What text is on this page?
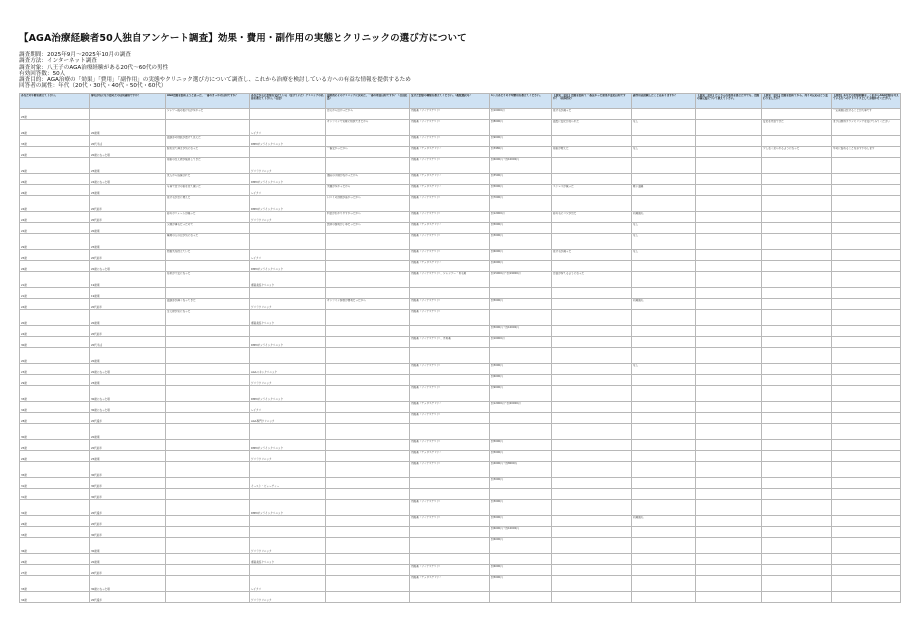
【AGA治療経験者50人独自アンケート調査】効果・費用・副作用の実態とクリニックの選び方について
調査期間：2025年9月～2025年10月の調査
調査方法：インターネット調査
調査対象：八王子のAGA治療経験がある20代〜60代の男性
有効回答数：50人
調査目的：AGA治療の「効果」「費用」「副作用」の実態やクリニック選び方について調査し、これから治療を検討している方への有益な情報を提供するため
回答者の属性：年代（20代・30代・40代・50代・60代）
あなたの年齢を教えて下さい。	薄毛が気になり始めたのは何歳頃ですか？	AGA治療を始めようと思った、一番のきっかけは何ですか？	あなたが主に治療を受けている（受けていた）クリニックの名前を教えて下さい。（任意）	最終的にそのクリニックに決めた、一番の理由は何ですか？（自由記述）	受けた治療の種類を教えてください。（複数選択可）	1ヶ月あたりの平均費用を教えてください。	【効果・変化】治療を始めて一番良かった効果や変化は何ですか？（具体的に）	副作用は経験したことはありますか？	【効果・変化】たくさんの効果を感じた中でも、治療の満足度について教えて下さい。	【効果・変化】治療を始めてから、周りの反応はどう変わりましたか？	【感想】あなたの治療経験を、これからAGA治療を考えている方へのアドバイスとしてお聞かせください。
25歳		シャワー後の抜け毛が多かった		自宅から近かったから	内服薬（フィナステリド）	約10000円	抜け毛が減った				一定期間は続けることが大事です
26歳	20歳頃		レイクリ	オンラインで気軽に相談できたから	内服薬（フィナステリド）	約8000円	頭皮に変化が見られた	なし		変化を実感できた	まずは無料カウンセリングを受けてみてください
33歳	20代半ば	頭頂部の地肌が透けて見えた	DMMオンラインクリニック		内服薬（フィナステリド）	約9000円					
22歳	20歳になった頃	鏡を見て薄さが気になった		一番安かったから	内服薬（デュタステリド）	約3980円	前髪が増えた	なし		少し若く見られるようになった	早めに始めることをおすすめします
29歳	25歳頃	前髪の生え際が後退してきた	ゲリラクリニック		内服薬（フィナステリド）	約6000円〜約10000円					
26歳	24歳になった頃	友人から指摘された	DMMオンラインクリニック	通院の手間がなかったから	内服薬（デュタステリド）	約3500円					
26歳	25歳頃	写真で自分の髪を見て驚いた	レイクリ	実績が多かったから	内服薬（デュタステリド）	約5000円	ストレスが減った	軽い頭痛			
24歳	20代前半	抜け毛が急に増えた	DMMオンラインクリニック	口コミの評価が高かったから	内服薬（フィナステリド）	約7000円					
24歳	20代前半	髪のボリュームが減った	ゲリラクリニック	料金がわかりやすかったから	内服薬（フィナステリド）	約12000円	髪の毛にコシが出た	初期脱毛			
22歳	20歳頃	父親が薄毛だったので		医師の説明が丁寧だったから	内服薬（デュタステリド）	約5000円		なし			
29歳	25歳頃	職場の人の目が気になった			内服薬（フィナステリド）	約3000円		なし			
25歳	20代前半	結婚式を控えていた	レイクリ		内服薬（フィナステリド）	約6000円	抜け毛が減った	なし			
26歳	20歳になった頃		DMMオンラインクリニック		内服薬（デュタステリド）	約4000円					
21歳	19歳頃	将来が不安になった	湘南美容クリニック		内服薬（フィナステリド）、シャンプー・育毛剤	約15000円〜約19000円	自信が持てるようになった				
21歳	19歳頃										
24歳	20代前半	頭頂部が薄くなってきた	ゲリラクリニック	オンライン診療が便利だったから	内服薬（フィナステリド）	約5000円		初期脱毛			
20歳	20歳頃	生え際が気になった	湘南美容クリニック		内服薬（フィナステリド）						
24歳	20代前半					約5000円〜約10000円					
30歳	20代半ば		DMMオンラインクリニック		内服薬（フィナステリド）、外用薬	約10000円					
20歳	20歳頃										
23歳	20歳になった頃		AGAスキンクリニック		内服薬（フィナステリド）	約3000円		なし			
29歳	25歳頃		ゲリラクリニック			約6000円					
33歳	30歳になった頃		DMMオンラインクリニック		内服薬（フィナステリド）	約9000円					
34歳	30歳になった頃		レイクリ		内服薬（デュタステリド）	約12000円〜約20000円					
28歳	20代後半		AGA専門クリニック		内服薬（フィナステリド）						
30歳	20歳頃										
25歳	20代前半		DMMオンラインクリニック		内服薬（フィナステリド）	約5000円					
26歳	25歳頃		ゲリラクリニック		内服薬（デュタステリド）	約5000円					
35歳	30代前半				内服薬（フィナステリド）	約4000円〜約8000円					
31歳	30代前半		イースト・ビューティー			約3000円					
31歳	30代前半										
32歳	20代後半		DMMオンラインクリニック		内服薬（フィナステリド）	約3000円					
26歳	20代前半				内服薬（フィナステリド）	約5000円		初期脱毛			
33歳	30代前半					約6000円〜約10000円					
36歳	30歳頃		ゲリラクリニック			約6000円					
26歳	20歳頃		湘南美容クリニック								
27歳	20代前半				内服薬（フィナステリド）	約6000円					
33歳	30歳になった頃		レイクリ		内服薬（デュタステリド）	約5000円					
34歳	20代後半		ゲリラクリニック								
